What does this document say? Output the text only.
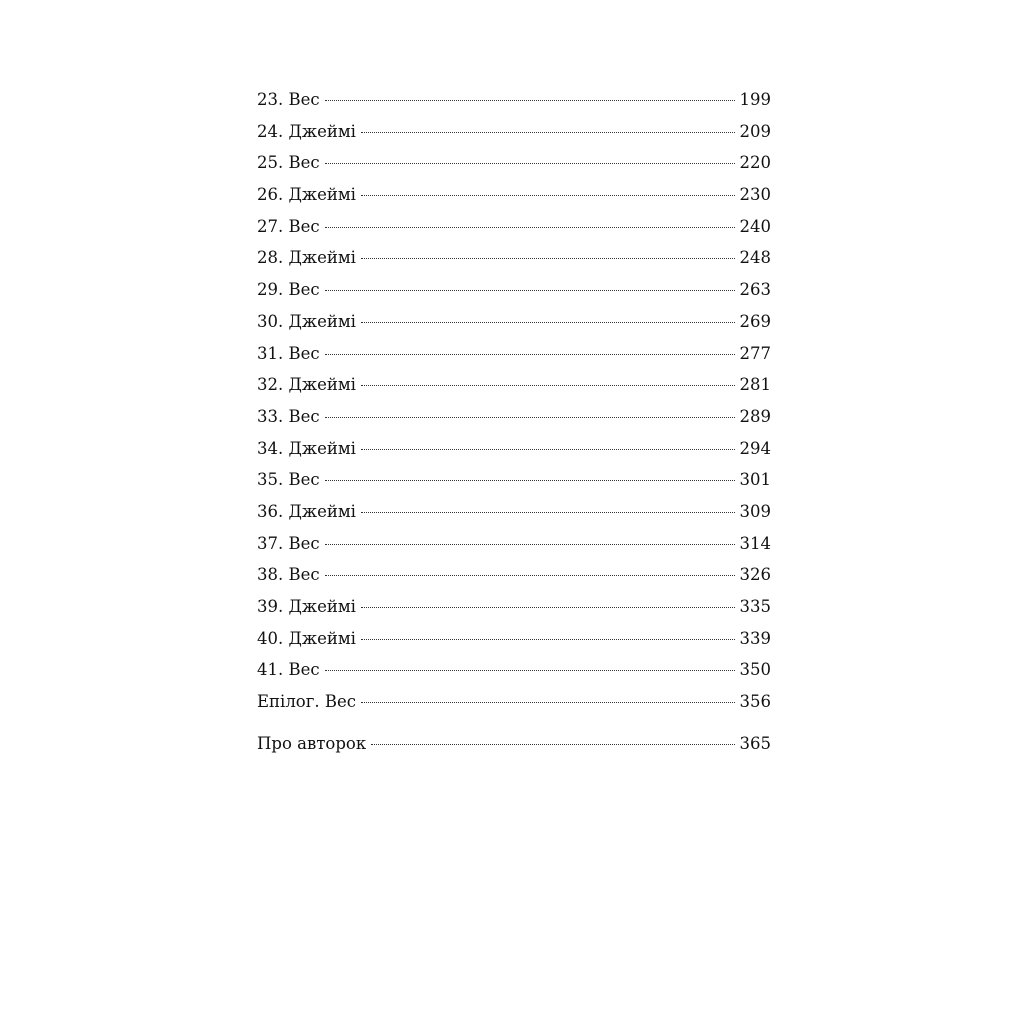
23. Вес	199
24. Джеймі	209
25. Вес	220
26. Джеймі	230
27. Вес	240
28. Джеймі	248
29. Вес	263
30. Джеймі	269
31. Вес	277
32. Джеймі	281
33. Вес	289
34. Джеймі	294
35. Вес	301
36. Джеймі	309
37. Вес	314
38. Вес	326
39. Джеймі	335
40. Джеймі	339
41. Вес	350
Епілог. Вес	356
Про авторок	365
